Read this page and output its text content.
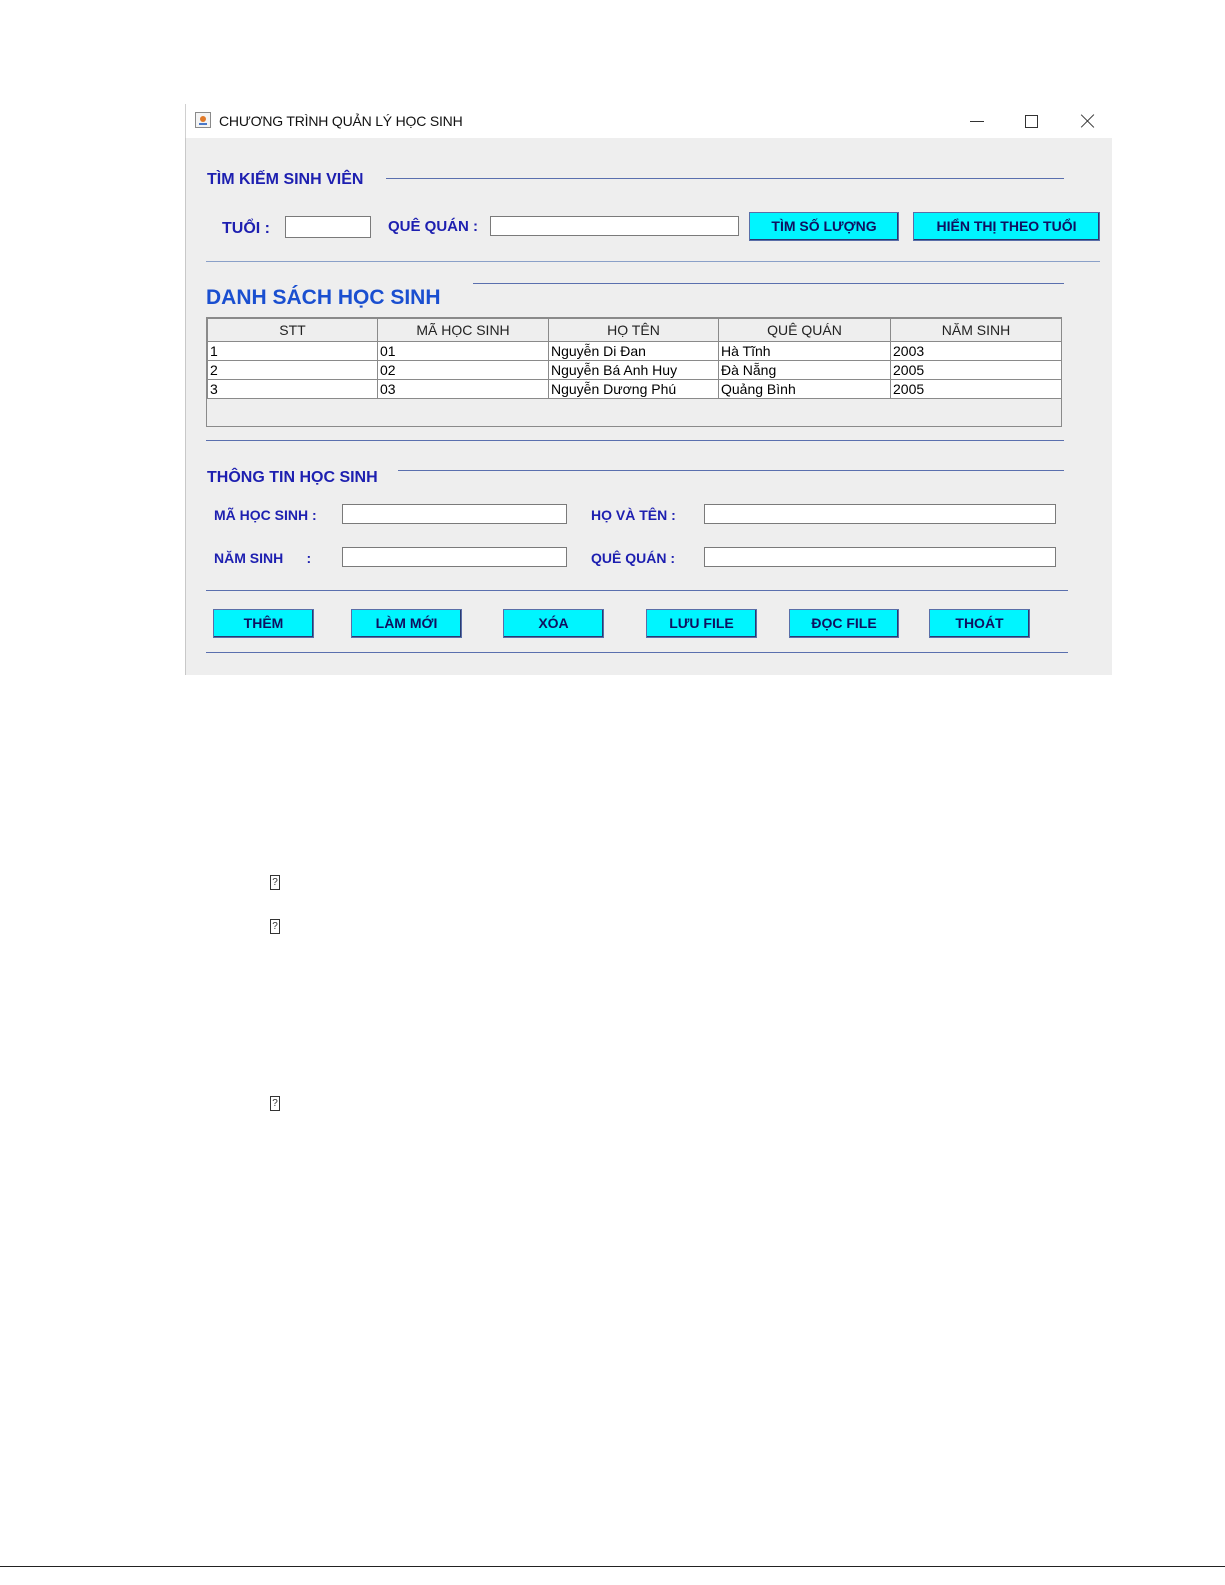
CHƯƠNG TRÌNH QUẢN LÝ HỌC SINH
TÌM KIẾM SINH VIÊN
TUỔI :	QUÊ QUÁN :	TÌM SỐ LƯỢNG	HIỂN THỊ THEO TUỔI
DANH SÁCH HỌC SINH
STT	MÃ HỌC SINH	HỌ TÊN	QUÊ QUÁN	NĂM SINH
1	01	Nguyễn Di Đan	Hà Tĩnh	2003
2	02	Nguyễn Bá Anh Huy	Đà Nẵng	2005
3	03	Nguyễn Dương Phú	Quảng Bình	2005
THÔNG TIN HỌC SINH
MÃ HỌC SINH :	HỌ VÀ TÊN :
NĂM SINH      :	QUÊ QUÁN :
THÊM	LÀM MỚI	XÓA	LƯU FILE	ĐỌC FILE	THOÁT
?
?
?
